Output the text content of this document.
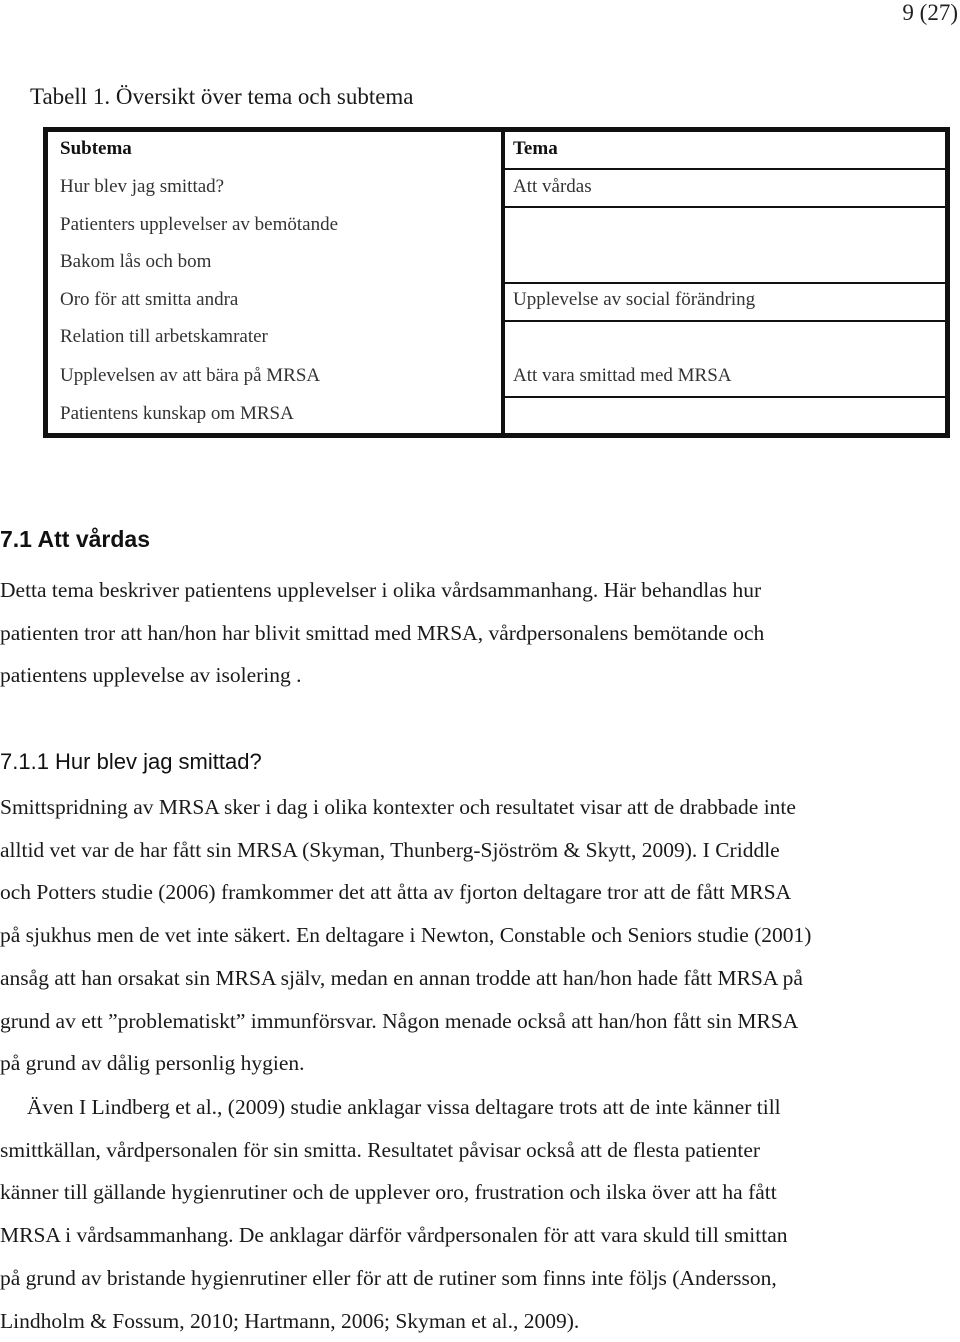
9 (27)
Tabell 1. Översikt över tema och subtema
Subtema	Tema
Hur blev jag smittad?
Patienters upplevelser av bemötande
Bakom lås och bom
Oro för att smitta andra
Relation till arbetskamrater
Upplevelsen av att bära på MRSA
Patientens kunskap om MRSA
Att vårdas
Upplevelse av social förändring
Att vara smittad med MRSA
7.1 Att vårdas
Detta tema beskriver patientens upplevelser i olika vårdsammanhang. Här behandlas hur
patienten tror att han/hon har blivit smittad med MRSA, vårdpersonalens bemötande och
patientens upplevelse av isolering .
7.1.1 Hur blev jag smittad?
Smittspridning av MRSA sker i dag i olika kontexter och resultatet visar att de drabbade inte
alltid vet var de har fått sin MRSA (Skyman, Thunberg-Sjöström & Skytt, 2009). I Criddle
och Potters studie (2006) framkommer det att åtta av fjorton deltagare tror att de fått MRSA
på sjukhus men de vet inte säkert. En deltagare i Newton, Constable och Seniors studie (2001)
ansåg att han orsakat sin MRSA själv, medan en annan trodde att han/hon hade fått MRSA på
grund av ett ”problematiskt” immunförsvar. Någon menade också att han/hon fått sin MRSA
på grund av dålig personlig hygien.
Även I Lindberg et al., (2009) studie anklagar vissa deltagare trots att de inte känner till
smittkällan, vårdpersonalen för sin smitta. Resultatet påvisar också att de flesta patienter
känner till gällande hygienrutiner och de upplever oro, frustration och ilska över att ha fått
MRSA i vårdsammanhang. De anklagar därför vårdpersonalen för att vara skuld till smittan
på grund av bristande hygienrutiner eller för att de rutiner som finns inte följs (Andersson,
Lindholm & Fossum, 2010; Hartmann, 2006; Skyman et al., 2009).
